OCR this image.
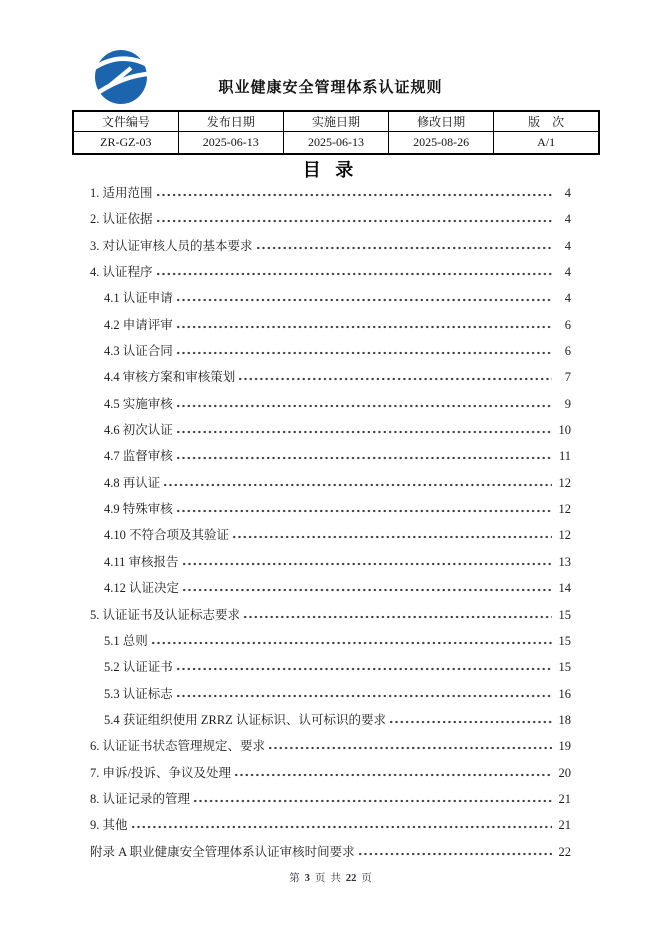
职业健康安全管理体系认证规则
文件编号	发布日期	实施日期	修改日期	版　次
ZR-GZ-03	2025-06-13	2025-06-13	2025-08-26	A/1
目 录
1. 适用范围	4
2. 认证依据	4
3. 对认证审核人员的基本要求	4
4. 认证程序	4
4.1 认证申请	4
4.2 申请评审	6
4.3 认证合同	6
4.4 审核方案和审核策划	7
4.5 实施审核	9
4.6 初次认证	10
4.7 监督审核	11
4.8 再认证	12
4.9 特殊审核	12
4.10 不符合项及其验证	12
4.11 审核报告	13
4.12 认证决定	14
5. 认证证书及认证标志要求	15
5.1 总则	15
5.2 认证证书	15
5.3 认证标志	16
5.4 获证组织使用 ZRRZ 认证标识、认可标识的要求	18
6. 认证证书状态管理规定、要求	19
7. 申诉/投诉、争议及处理	20
8. 认证记录的管理	21
9. 其他	21
附录 A 职业健康安全管理体系认证审核时间要求	22
第 3 页 共 22 页
